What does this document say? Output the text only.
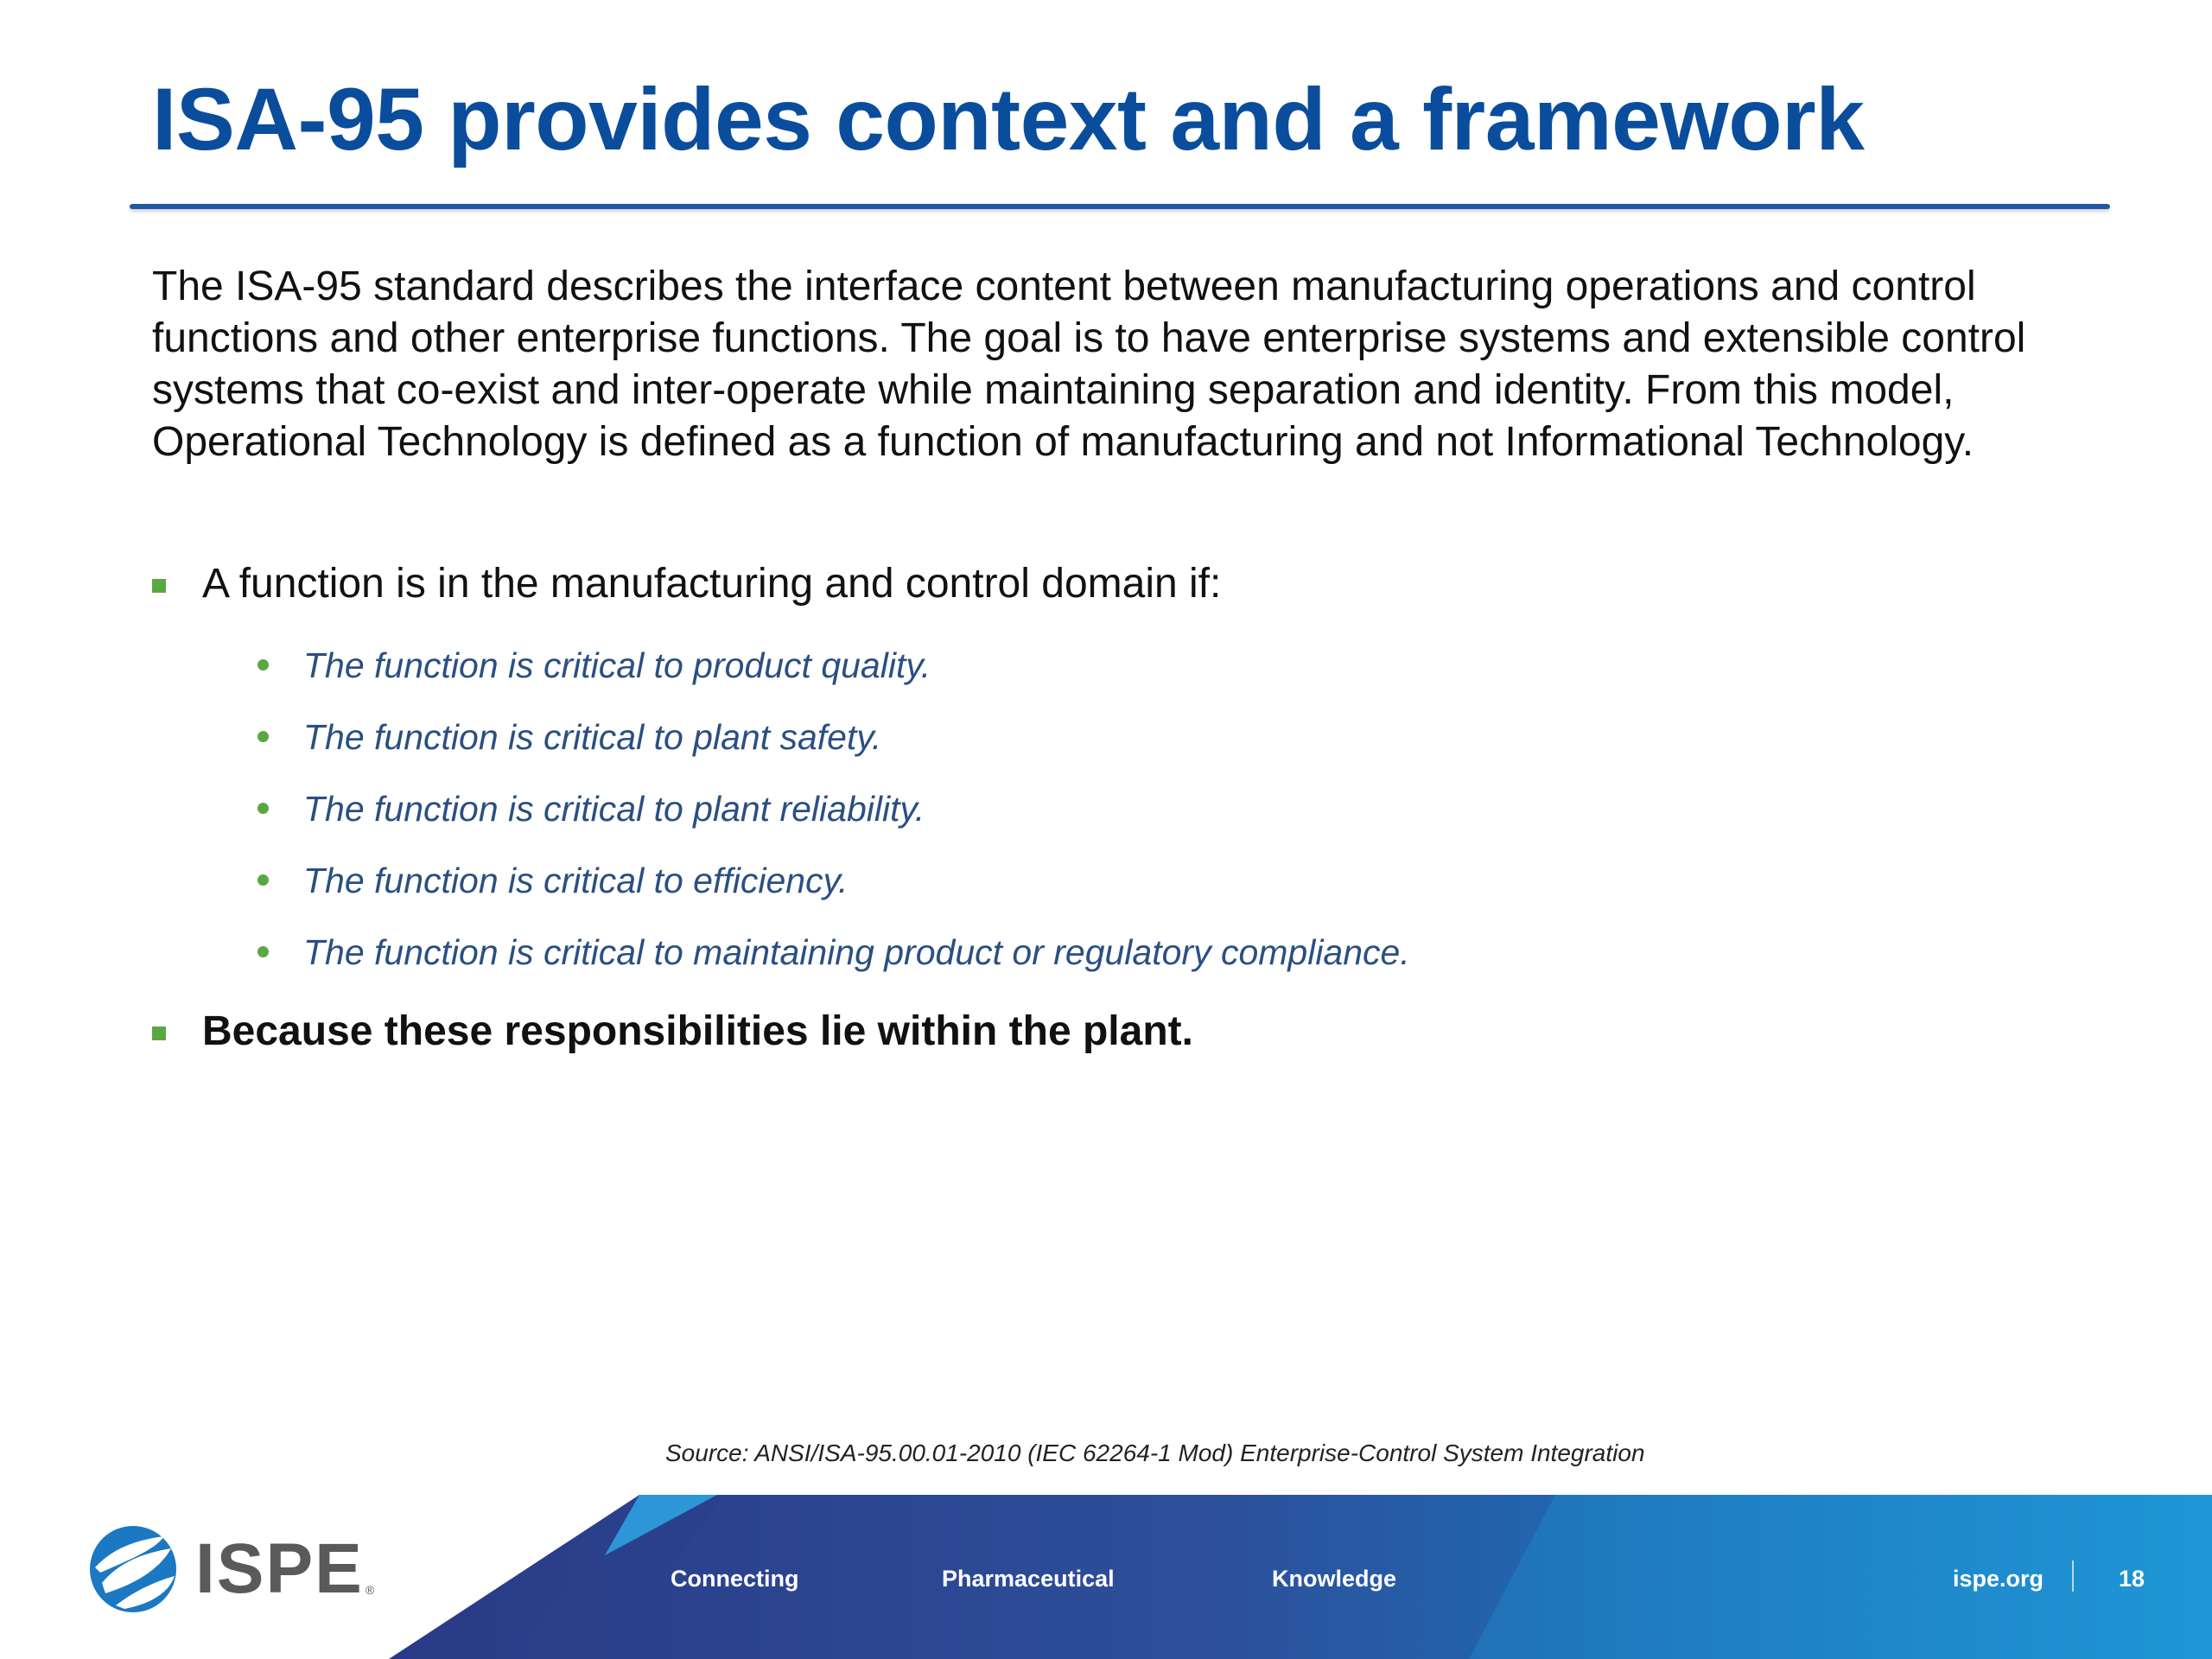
ISA-95 provides context and a framework

The ISA-95 standard describes the interface content between manufacturing operations and control functions and other enterprise functions. The goal is to have enterprise systems and extensible control systems that co-exist and inter-operate while maintaining separation and identity. From this model, Operational Technology is defined as a function of manufacturing and not Informational Technology.

A function is in the manufacturing and control domain if:
The function is critical to product quality.
The function is critical to plant safety.
The function is critical to plant reliability.
The function is critical to efficiency.
The function is critical to maintaining product or regulatory compliance.
Because these responsibilities lie within the plant.
Source: ANSI/ISA-95.00.01-2010 (IEC 62264-1 Mod) Enterprise-Control System Integration
ISPE ®	Connecting	Pharmaceutical	Knowledge	ispe.org	18
